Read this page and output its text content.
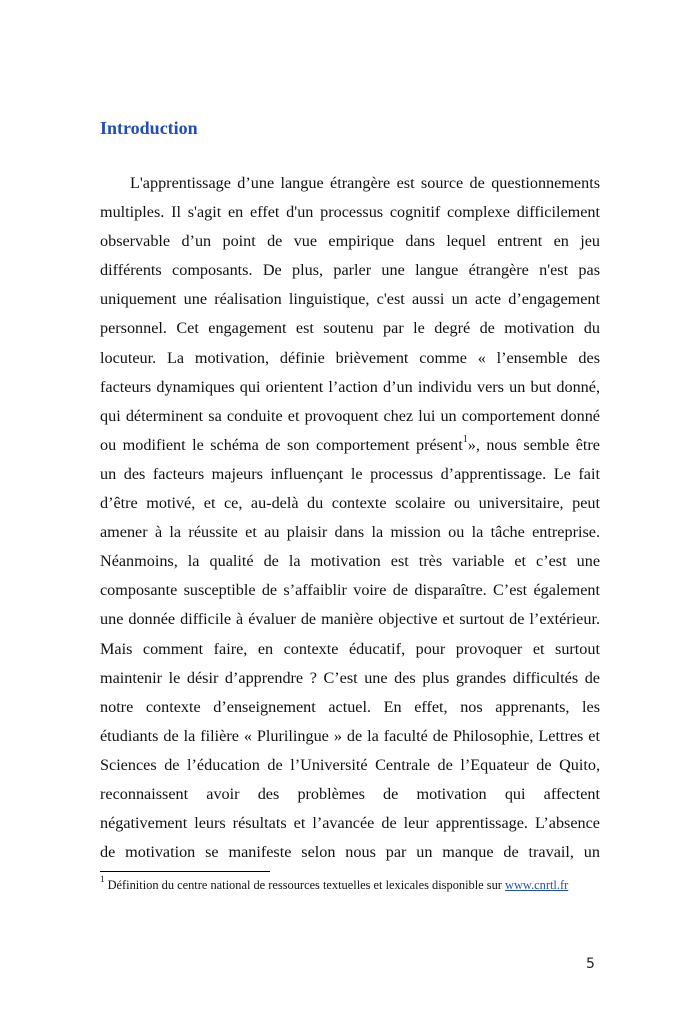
Introduction
L'apprentissage d’une langue étrangère est source de questionnements
multiples. Il s'agit en effet d'un processus cognitif complexe difficilement
observable d’un point de vue empirique dans lequel entrent en jeu
différents composants. De plus, parler une langue étrangère n'est pas
uniquement une réalisation linguistique, c'est aussi un acte d’engagement
personnel. Cet engagement est soutenu par le degré de motivation du
locuteur. La motivation, définie brièvement comme « l’ensemble des
facteurs dynamiques qui orientent l’action d’un individu vers un but donné,
qui déterminent sa conduite et provoquent chez lui un comportement donné
ou modifient le schéma de son comportement présent$^1$», nous semble être
un des facteurs majeurs influençant le processus d’apprentissage. Le fait
d’être motivé, et ce, au-delà du contexte scolaire ou universitaire, peut
amener à la réussite et au plaisir dans la mission ou la tâche entreprise.
Néanmoins, la qualité de la motivation est très variable et c’est une
composante susceptible de s’affaiblir voire de disparaître. C’est également
une donnée difficile à évaluer de manière objective et surtout de l’extérieur.
Mais comment faire, en contexte éducatif, pour provoquer et surtout
maintenir le désir d’apprendre ? C’est une des plus grandes difficultés de
notre contexte d’enseignement actuel. En effet, nos apprenants, les
étudiants de la filière « Plurilingue » de la faculté de Philosophie, Lettres et
Sciences de l’éducation de l’Université Centrale de l’Equateur de Quito,
reconnaissent avoir des problèmes de motivation qui affectent
négativement leurs résultats et l’avancée de leur apprentissage. L’absence
de motivation se manifeste selon nous par un manque de travail, un
$^1$ Définition du centre national de ressources textuelles et lexicales disponible sur www.cnrtl.fr
5
